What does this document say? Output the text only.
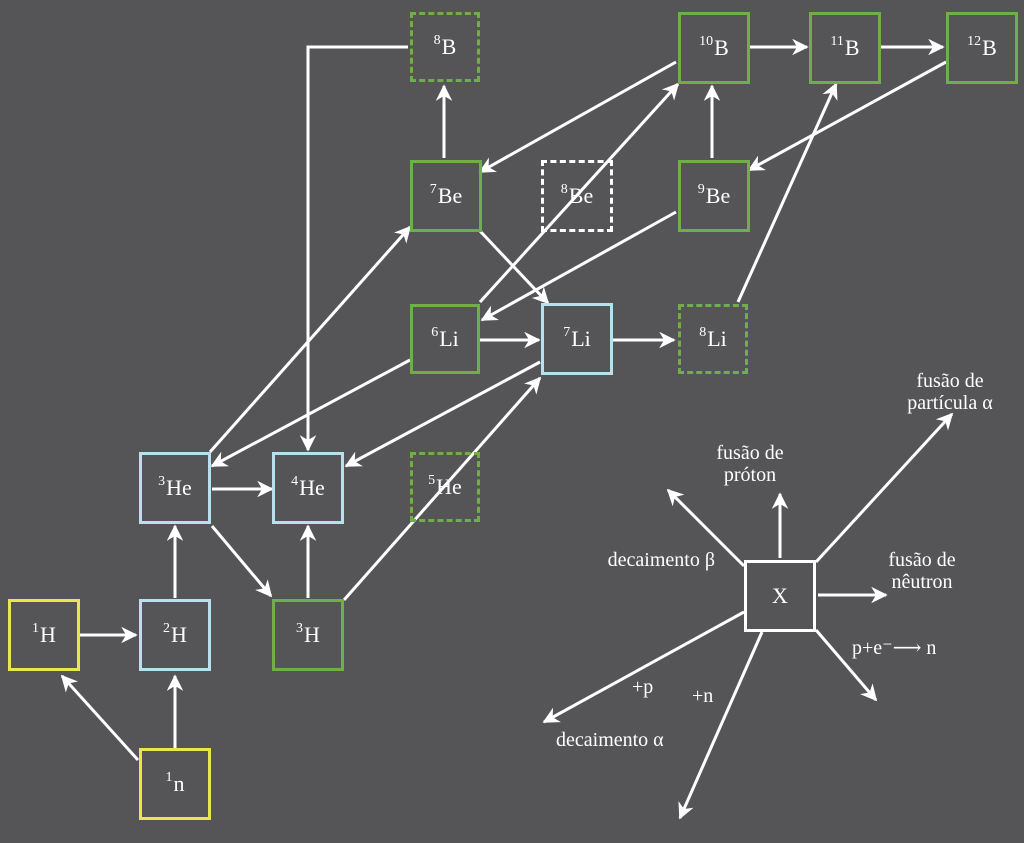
$^1$ n
$^1$ H	$^2$ H
$^3$ He
$^3$ H
$^4$ He	$^5$ He
$^6$ Li	$^7$ Li	$^8$ Li
$^7$ Be	$^8$ Be	$^9$ Be
$^8$ B	$^{10}$ B	$^{11}$ B	$^{12}$ B
X
fusão de
partícula α
fusão de
próton
decaimento β	fusão de
nêutron
p+e⁻⟶ n
+p +n
decaimento α
